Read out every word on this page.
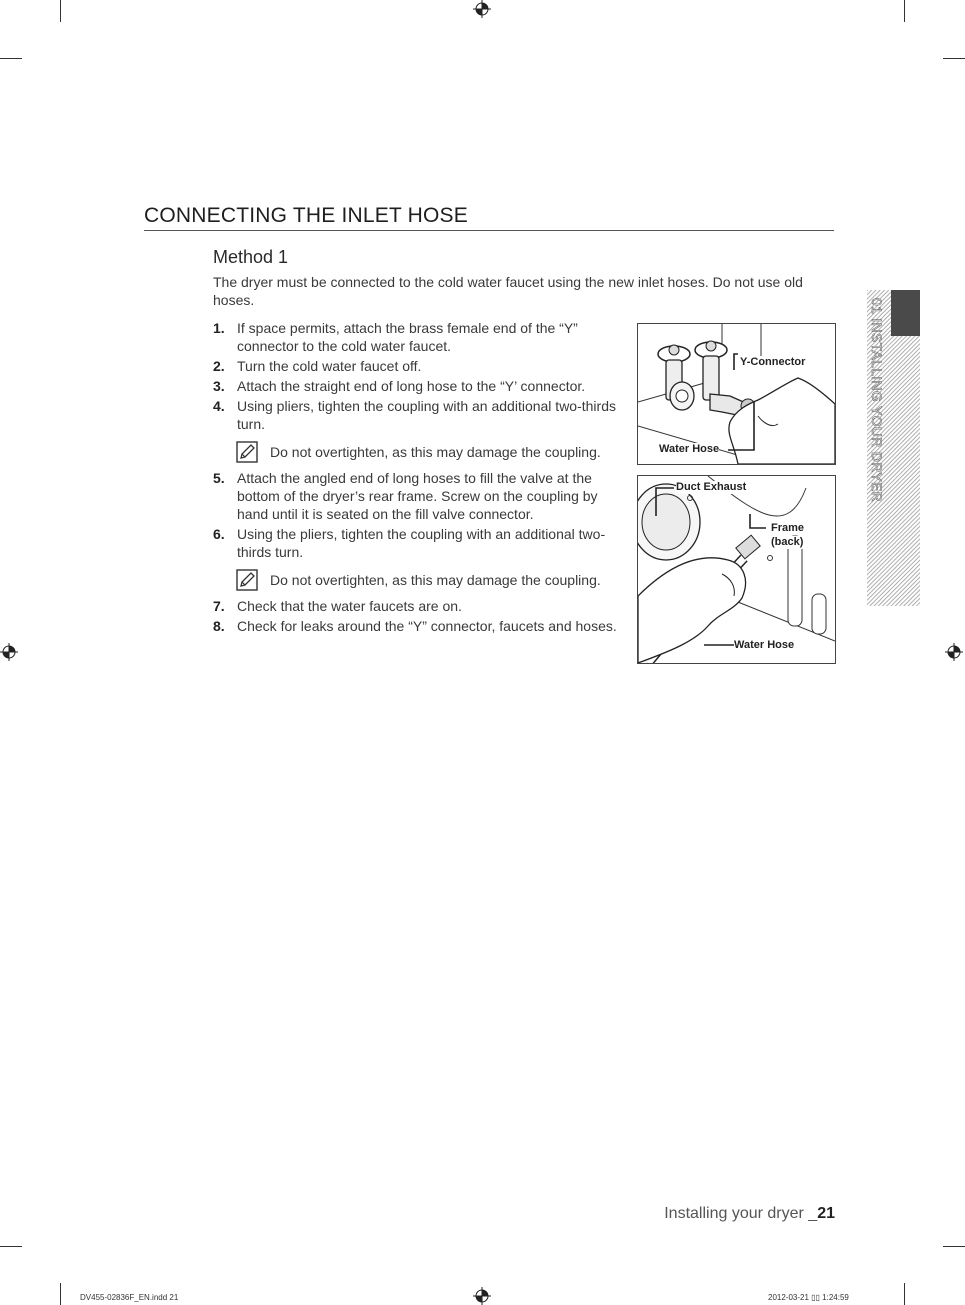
CONNECTING THE INLET HOSE
Method 1
The dryer must be connected to the cold water faucet using the new inlet hoses. Do not use old hoses.
1. If space permits, attach the brass female end of the “Y” connector to the cold water faucet.
2. Turn the cold water faucet off.
3. Attach the straight end of long hose to the “Y’ connector.
4. Using pliers, tighten the coupling with an additional two-thirds turn.
Do not overtighten, as this may damage the coupling.
5. Attach the angled end of long hoses to fill the valve at the bottom of the dryer’s rear frame. Screw on the coupling by hand until it is seated on the fill valve connector.
6. Using the pliers, tighten the coupling with an additional two-thirds turn.
Do not overtighten, as this may damage the coupling.
7. Check that the water faucets are on.
8. Check for leaks around the “Y” connector, faucets and hoses.
Y-Connector
Water Hose
Duct Exhaust
Frame
(back)
Water Hose
01 INSTALLING YOUR DRYER
Installing your dryer _21
DV455-02836F_EN.indd 21	2012-03-21 ▯▯ 1:24:59
